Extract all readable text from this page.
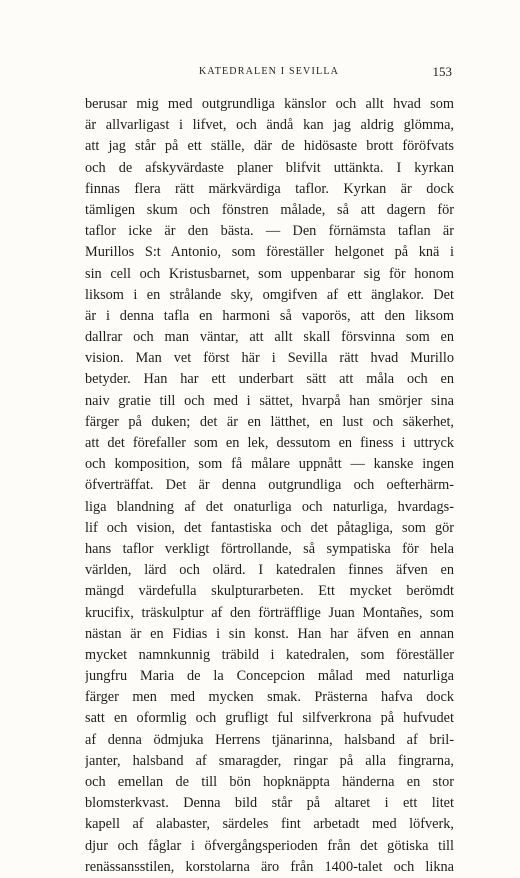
KATEDRALEN I SEVILLA	153
berusar mig med outgrundliga känslor och allt hvad som
är allvarligast i lifvet, och ändå kan jag aldrig glömma,
att jag står på ett ställe, där de hidösaste brott föröfvats
och de afskyvärdaste planer blifvit uttänkta. I kyrkan
finnas flera rätt märkvärdiga taflor. Kyrkan är dock
tämligen skum och fönstren målade, så att dagern för
taflor icke är den bästa. — Den förnämsta taflan är
Murillos S:t Antonio, som föreställer helgonet på knä i
sin cell och Kristusbarnet, som uppenbarar sig för honom
liksom i en strålande sky, omgifven af ett änglakor. Det
är i denna tafla en harmoni så vaporös, att den liksom
dallrar och man väntar, att allt skall försvinna som en
vision. Man vet först här i Sevilla rätt hvad Murillo
betyder. Han har ett underbart sätt att måla och en
naiv gratie till och med i sättet, hvarpå han smörjer sina
färger på duken; det är en lätthet, en lust och säkerhet,
att det förefaller som en lek, dessutom en finess i uttryck
och komposition, som få målare uppnått — kanske ingen
öfverträffat. Det är denna outgrundliga och oefterhärm-
liga blandning af det onaturliga och naturliga, hvardags-
lif och vision, det fantastiska och det påtagliga, som gör
hans taflor verkligt förtrollande, så sympatiska för hela
världen, lärd och olärd. I katedralen finnes äfven en
mängd värdefulla skulpturarbeten. Ett mycket berömdt
krucifix, träskulptur af den förträfflige Juan Montañes, som
nästan är en Fidias i sin konst. Han har äfven en annan
mycket namnkunnig träbild i katedralen, som föreställer
jungfru Maria de la Concepcion målad med naturliga
färger men med mycken smak. Prästerna hafva dock
satt en oformlig och grufligt ful silfverkrona på hufvudet
af denna ödmjuka Herrens tjänarinna, halsband af bril-
janter, halsband af smaragder, ringar på alla fingrarna,
och emellan de till bön hopknäppta händerna en stor
blomsterkvast. Denna bild står på altaret i ett litet
kapell af alabaster, särdeles fint arbetadt med löfverk,
djur och fåglar i öfvergångsperioden från det götiska till
renässansstilen, korstolarna äro från 1400-talet och likna
